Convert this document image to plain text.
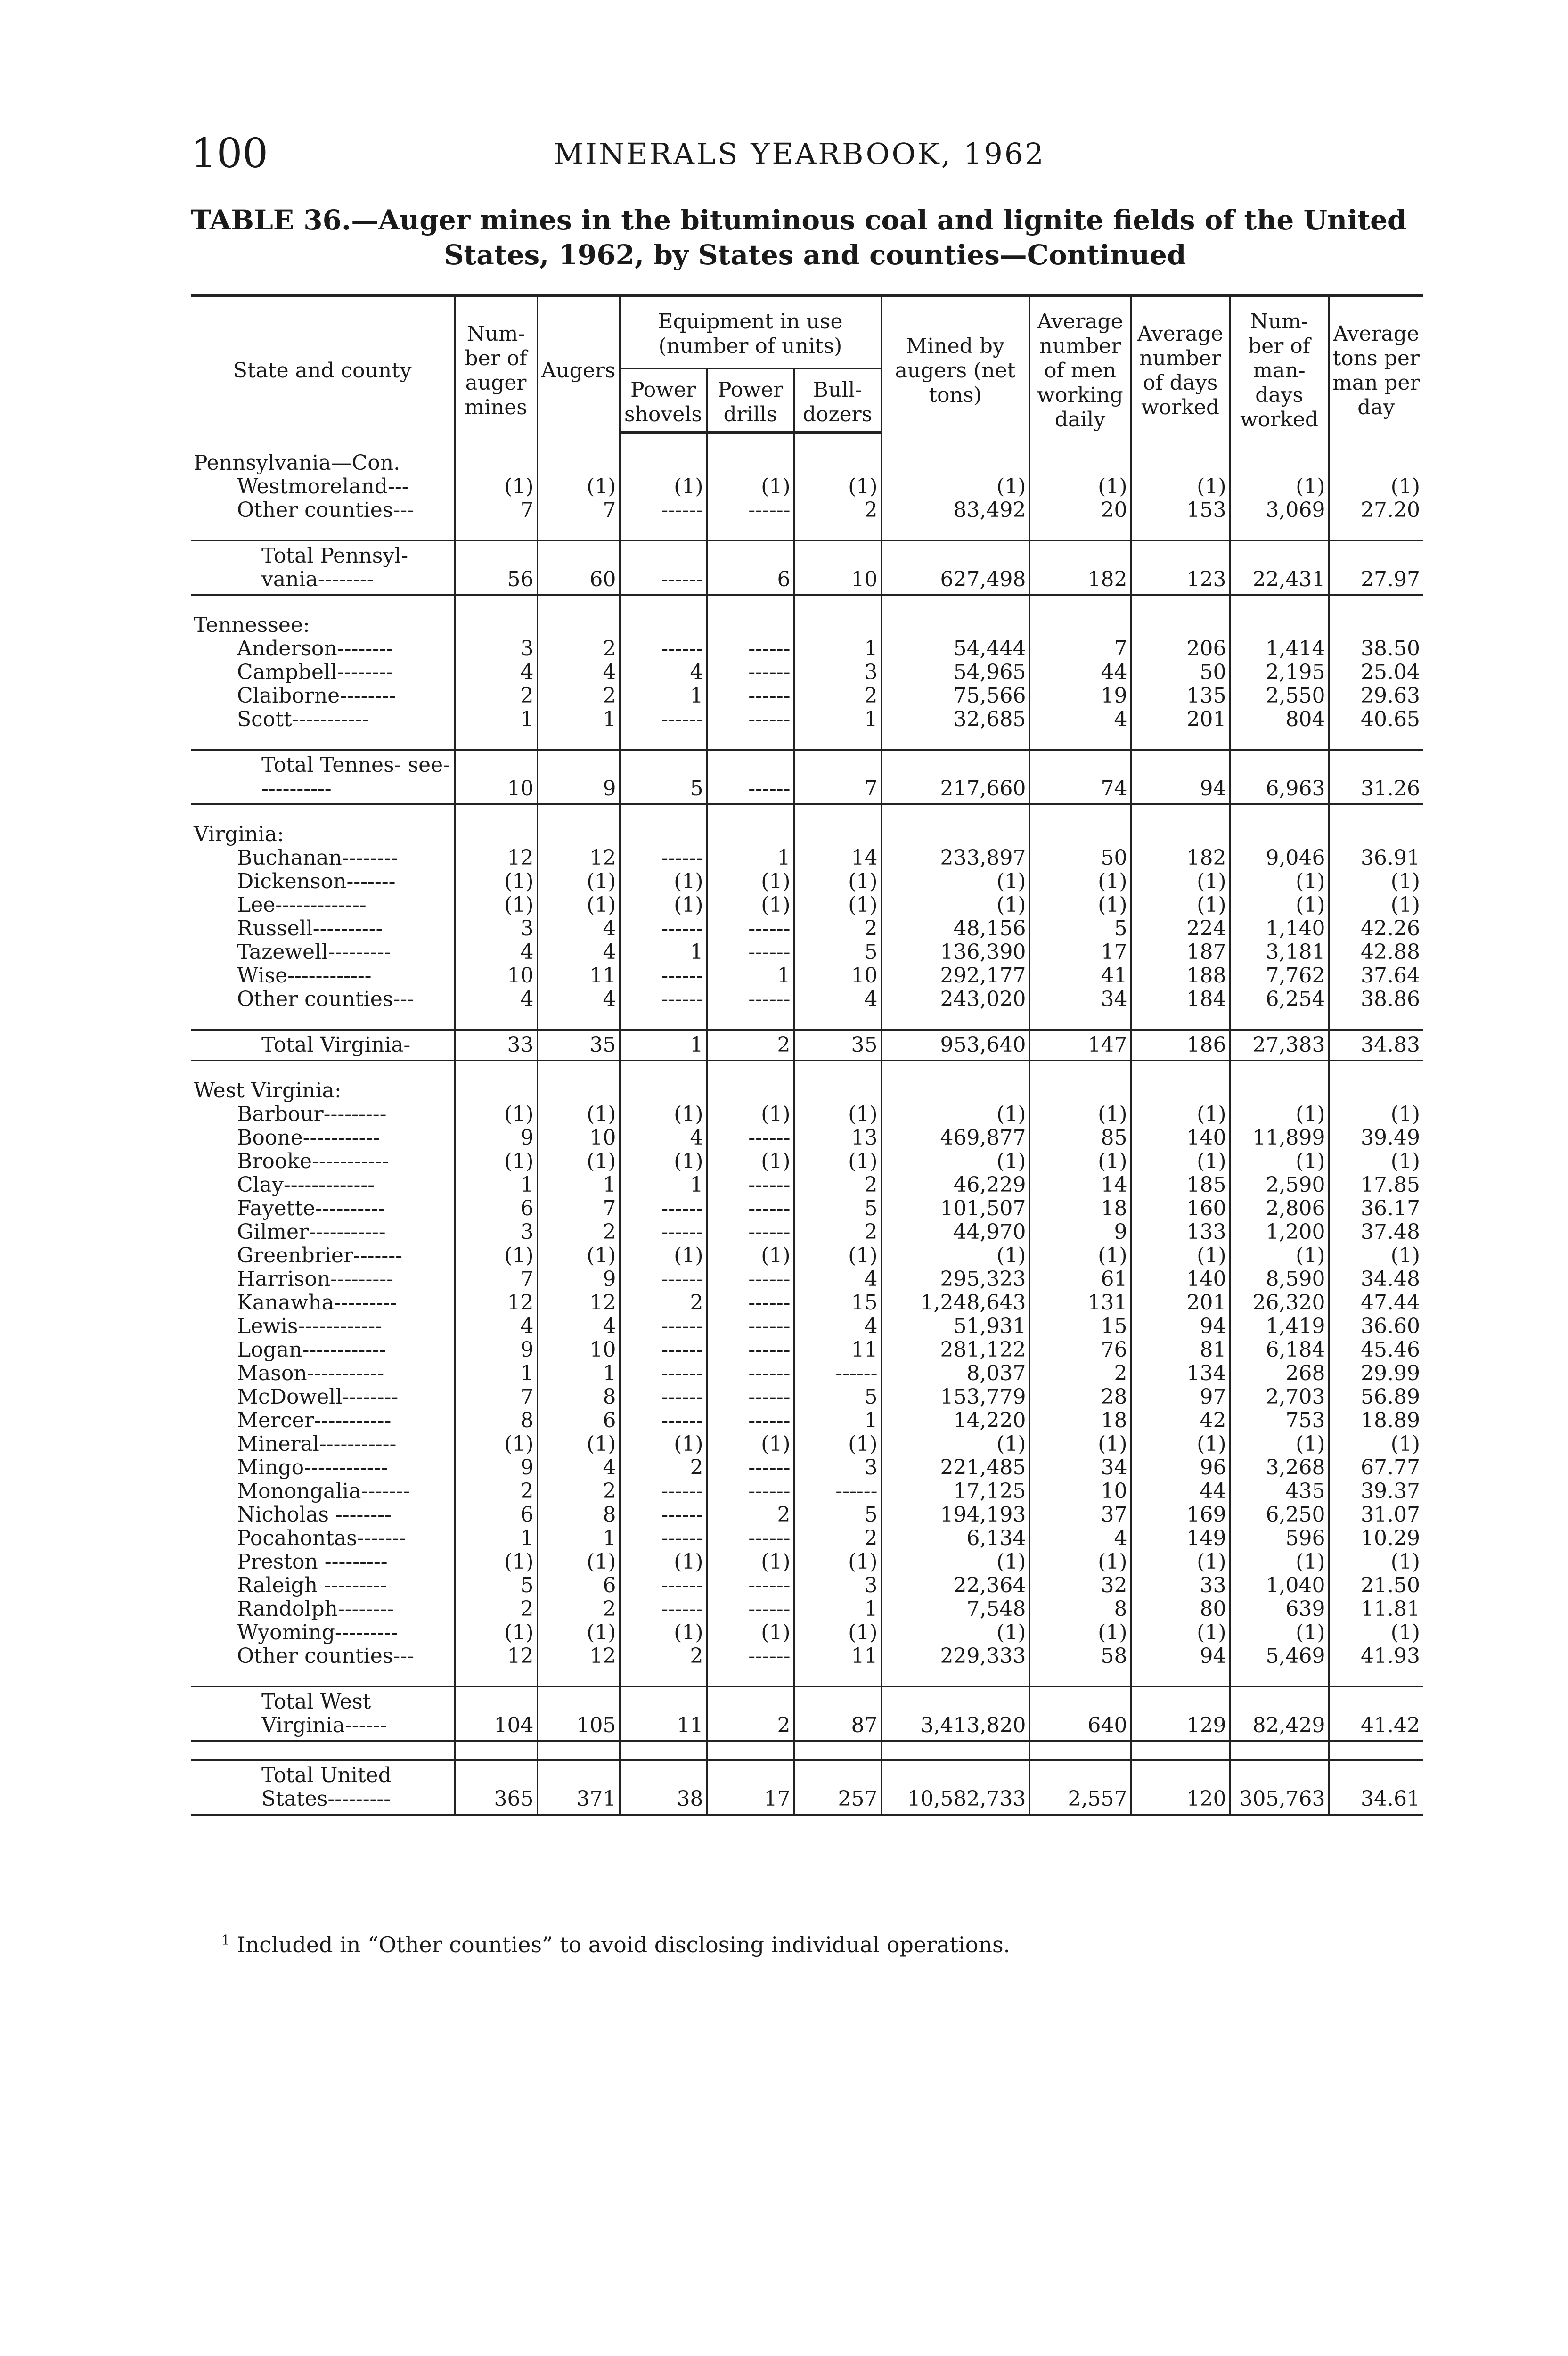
100	MINERALS YEARBOOK, 1962
TABLE 36.—Auger mines in the bituminous coal and lignite fields of the United
States, 1962, by States and counties—Continued
State and county	Num- ber of auger mines	Augers	Equipment in use (number of units)			Mined by augers (net tons)	Average number of men working daily	Average number of days worked	Num- ber of man- days worked	Average tons per man per day
			Power shovels	Power drills	Bull- dozers					

Pennsylvania—Con.										
Westmoreland---	(1)	(1)	(1)	(1)	(1)	(1)	(1)	(1)	(1)	(1)
Other counties---	7	7	------	------	2	83,492	20	153	3,069	27.20

Total Pennsyl- vania--------	56	60	------	6	10	627,498	182	123	22,431	27.97

Tennessee:										
Anderson--------	3	2	------	------	1	54,444	7	206	1,414	38.50
Campbell--------	4	4	4	------	3	54,965	44	50	2,195	25.04
Claiborne--------	2	2	1	------	2	75,566	19	135	2,550	29.63
Scott-----------	1	1	------	------	1	32,685	4	201	804	40.65

Total Tennes- see-----------	10	9	5	------	7	217,660	74	94	6,963	31.26

Virginia:										
Buchanan--------	12	12	------	1	14	233,897	50	182	9,046	36.91
Dickenson-------	(1)	(1)	(1)	(1)	(1)	(1)	(1)	(1)	(1)	(1)
Lee-------------	(1)	(1)	(1)	(1)	(1)	(1)	(1)	(1)	(1)	(1)
Russell----------	3	4	------	------	2	48,156	5	224	1,140	42.26
Tazewell---------	4	4	1	------	5	136,390	17	187	3,181	42.88
Wise------------	10	11	------	1	10	292,177	41	188	7,762	37.64
Other counties---	4	4	------	------	4	243,020	34	184	6,254	38.86

Total Virginia-	33	35	1	2	35	953,640	147	186	27,383	34.83

West Virginia:										
Barbour---------	(1)	(1)	(1)	(1)	(1)	(1)	(1)	(1)	(1)	(1)
Boone-----------	9	10	4	------	13	469,877	85	140	11,899	39.49
Brooke-----------	(1)	(1)	(1)	(1)	(1)	(1)	(1)	(1)	(1)	(1)
Clay-------------	1	1	1	------	2	46,229	14	185	2,590	17.85
Fayette----------	6	7	------	------	5	101,507	18	160	2,806	36.17
Gilmer-----------	3	2	------	------	2	44,970	9	133	1,200	37.48
Greenbrier-------	(1)	(1)	(1)	(1)	(1)	(1)	(1)	(1)	(1)	(1)
Harrison---------	7	9	------	------	4	295,323	61	140	8,590	34.48
Kanawha---------	12	12	2	------	15	1,248,643	131	201	26,320	47.44
Lewis------------	4	4	------	------	4	51,931	15	94	1,419	36.60
Logan------------	9	10	------	------	11	281,122	76	81	6,184	45.46
Mason-----------	1	1	------	------	------	8,037	2	134	268	29.99
McDowell--------	7	8	------	------	5	153,779	28	97	2,703	56.89
Mercer-----------	8	6	------	------	1	14,220	18	42	753	18.89
Mineral-----------	(1)	(1)	(1)	(1)	(1)	(1)	(1)	(1)	(1)	(1)
Mingo------------	9	4	2	------	3	221,485	34	96	3,268	67.77
Monongalia-------	2	2	------	------	------	17,125	10	44	435	39.37
Nicholas --------	6	8	------	2	5	194,193	37	169	6,250	31.07
Pocahontas-------	1	1	------	------	2	6,134	4	149	596	10.29
Preston ---------	(1)	(1)	(1)	(1)	(1)	(1)	(1)	(1)	(1)	(1)
Raleigh ---------	5	6	------	------	3	22,364	32	33	1,040	21.50
Randolph--------	2	2	------	------	1	7,548	8	80	639	11.81
Wyoming---------	(1)	(1)	(1)	(1)	(1)	(1)	(1)	(1)	(1)	(1)
Other counties---	12	12	2	------	11	229,333	58	94	5,469	41.93

Total West Virginia------	104	105	11	2	87	3,413,820	640	129	82,429	41.42

Total United States---------	365	371	38	17	257	10,582,733	2,557	120	305,763	34.61
$^1$ Included in “Other counties” to avoid disclosing individual operations.
